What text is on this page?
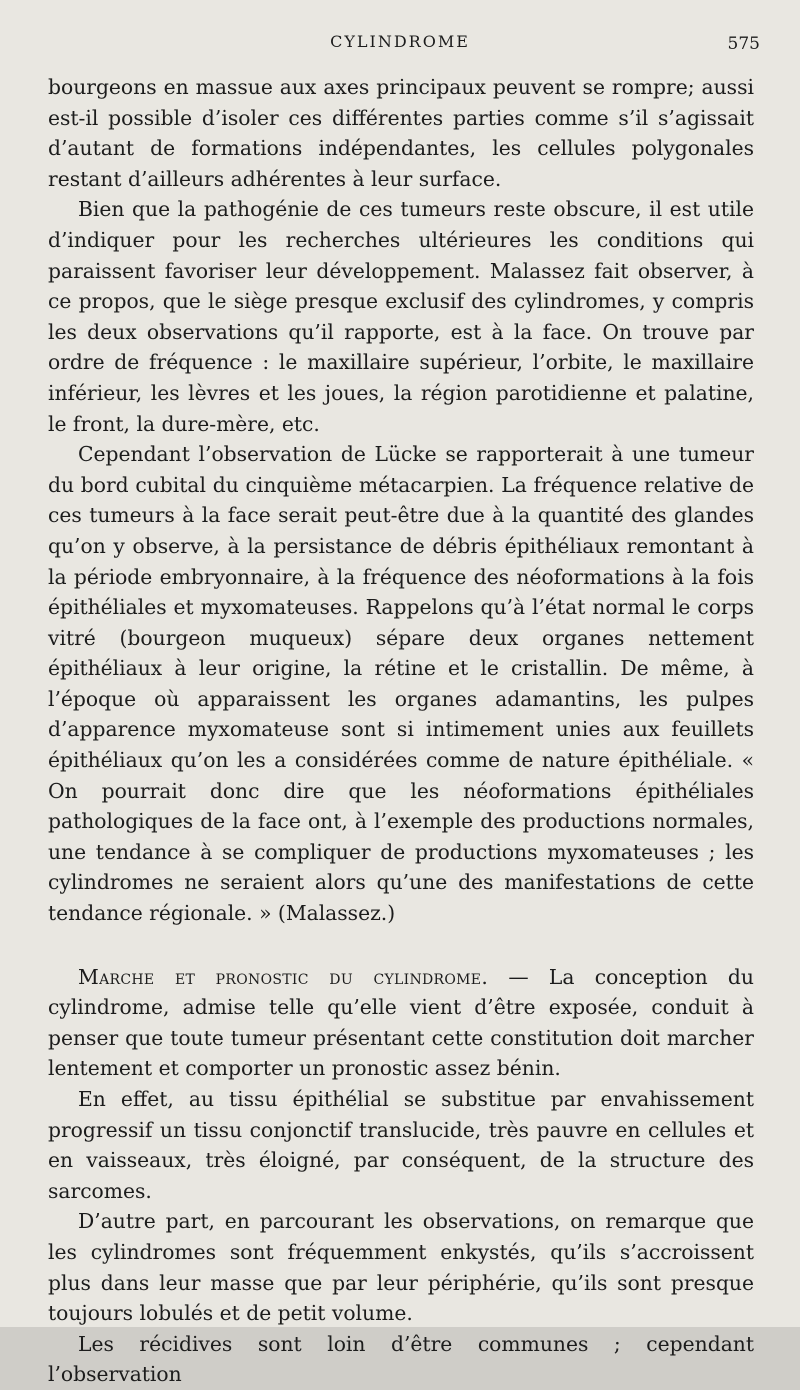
CYLINDROME	575

bourgeons en massue aux axes principaux peuvent se rompre; aussi est-il possible d’isoler ces différentes parties comme s’il s’agissait d’autant de formations indépendantes, les cellules polygonales restant d’ailleurs adhérentes à leur surface.

Bien que la pathogénie de ces tumeurs reste obscure, il est utile d’indiquer pour les recherches ultérieures les conditions qui paraissent favoriser leur développement. Malassez fait observer, à ce propos, que le siège presque exclusif des cylindromes, y compris les deux observations qu’il rapporte, est à la face. On trouve par ordre de fréquence : le maxillaire supérieur, l’orbite, le maxillaire inférieur, les lèvres et les joues, la région parotidienne et palatine, le front, la dure-mère, etc.

Cependant l’observation de Lücke se rapporterait à une tumeur du bord cubital du cinquième métacarpien. La fréquence relative de ces tumeurs à la face serait peut-être due à la quantité des glandes qu’on y observe, à la persistance de débris épithéliaux remontant à la période embryonnaire, à la fréquence des néoformations à la fois épithéliales et myxomateuses. Rappelons qu’à l’état normal le corps vitré (bourgeon muqueux) sépare deux organes nettement épithéliaux à leur origine, la rétine et le cristallin. De même, à l’époque où apparaissent les organes adamantins, les pulpes d’apparence myxomateuse sont si intimement unies aux feuillets épithéliaux qu’on les a considérées comme de nature épithéliale. « On pourrait donc dire que les néoformations épithéliales pathologiques de la face ont, à l’exemple des productions normales, une tendance à se compliquer de productions myxomateuses ; les cylindromes ne seraient alors qu’une des manifestations de cette tendance régionale. » (Malassez.)

Marche et pronostic du cylindrome. — La conception du cylindrome, admise telle qu’elle vient d’être exposée, conduit à penser que toute tumeur présentant cette constitution doit marcher lentement et comporter un pronostic assez bénin.

En effet, au tissu épithélial se substitue par envahissement progressif un tissu conjonctif translucide, très pauvre en cellules et en vaisseaux, très éloigné, par conséquent, de la structure des sarcomes.

D’autre part, en parcourant les observations, on remarque que les cylindromes sont fréquemment enkystés, qu’ils s’accroissent plus dans leur masse que par leur périphérie, qu’ils sont presque toujours lobulés et de petit volume.

Les récidives sont loin d’être communes ; cependant l’observation
